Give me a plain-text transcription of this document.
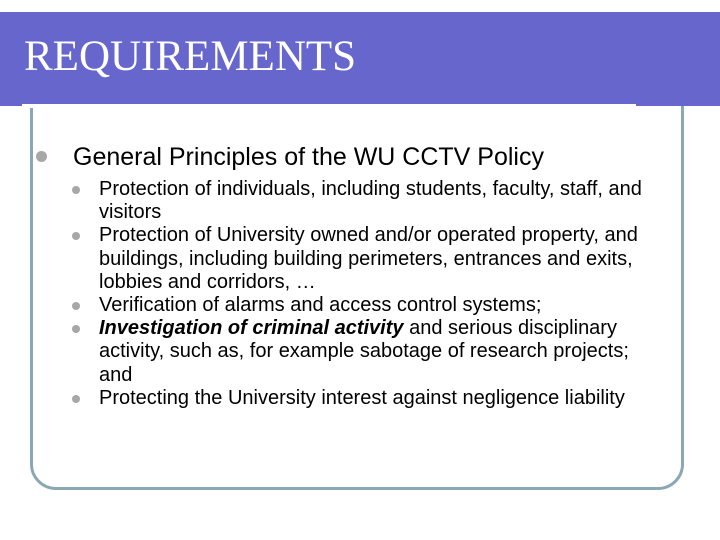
REQUIREMENTS
General Principles of the WU CCTV Policy
Protection of individuals, including students, faculty, staff, and visitors
Protection of University owned and/or operated property, and buildings, including building perimeters, entrances and exits, lobbies and corridors, …
Verification of alarms and access control systems;
Investigation of criminal activity and serious disciplinary activity, such as, for example sabotage of research projects; and
Protecting the University interest against negligence liability
